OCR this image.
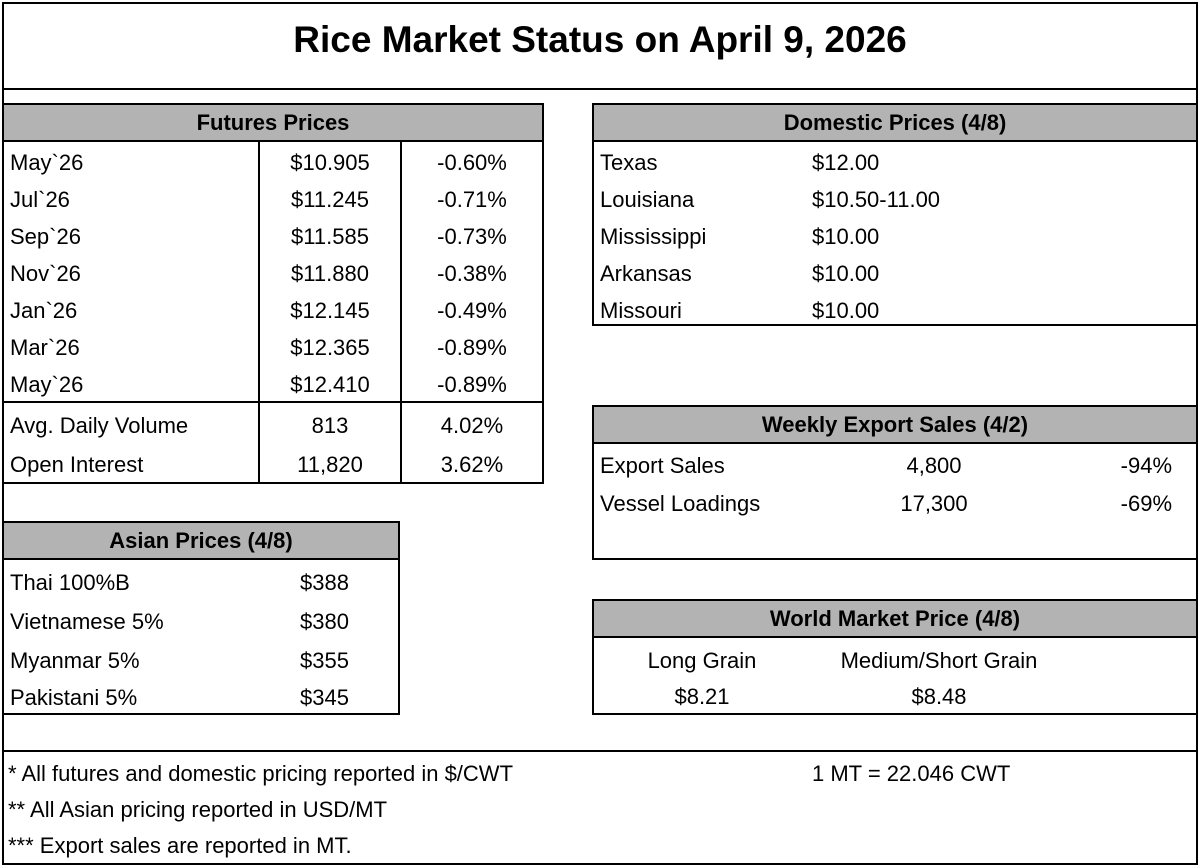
Rice Market Status on April 9, 2026
Futures Prices
May`26	$10.905	-0.60%
Jul`26	$11.245	-0.71%
Sep`26	$11.585	-0.73%
Nov`26	$11.880	-0.38%
Jan`26	$12.145	-0.49%
Mar`26	$12.365	-0.89%
May`26	$12.410	-0.89%
Avg. Daily Volume	813	4.02%
Open Interest	11,820	3.62%
Domestic Prices (4/8)
Texas	$12.00
Louisiana	$10.50-11.00
Mississippi	$10.00
Arkansas	$10.00
Missouri	$10.00
Weekly Export Sales (4/2)
Export Sales	4,800	-94%
Vessel Loadings	17,300	-69%
Asian Prices (4/8)
Thai 100%B	$388
Vietnamese 5%	$380
Myanmar 5%	$355
Pakistani 5%	$345
World Market Price (4/8)
Long Grain	Medium/Short Grain
$8.21	$8.48
* All futures and domestic pricing reported in $/CWT	1 MT = 22.046 CWT
** All Asian pricing reported in USD/MT
*** Export sales are reported in MT.
